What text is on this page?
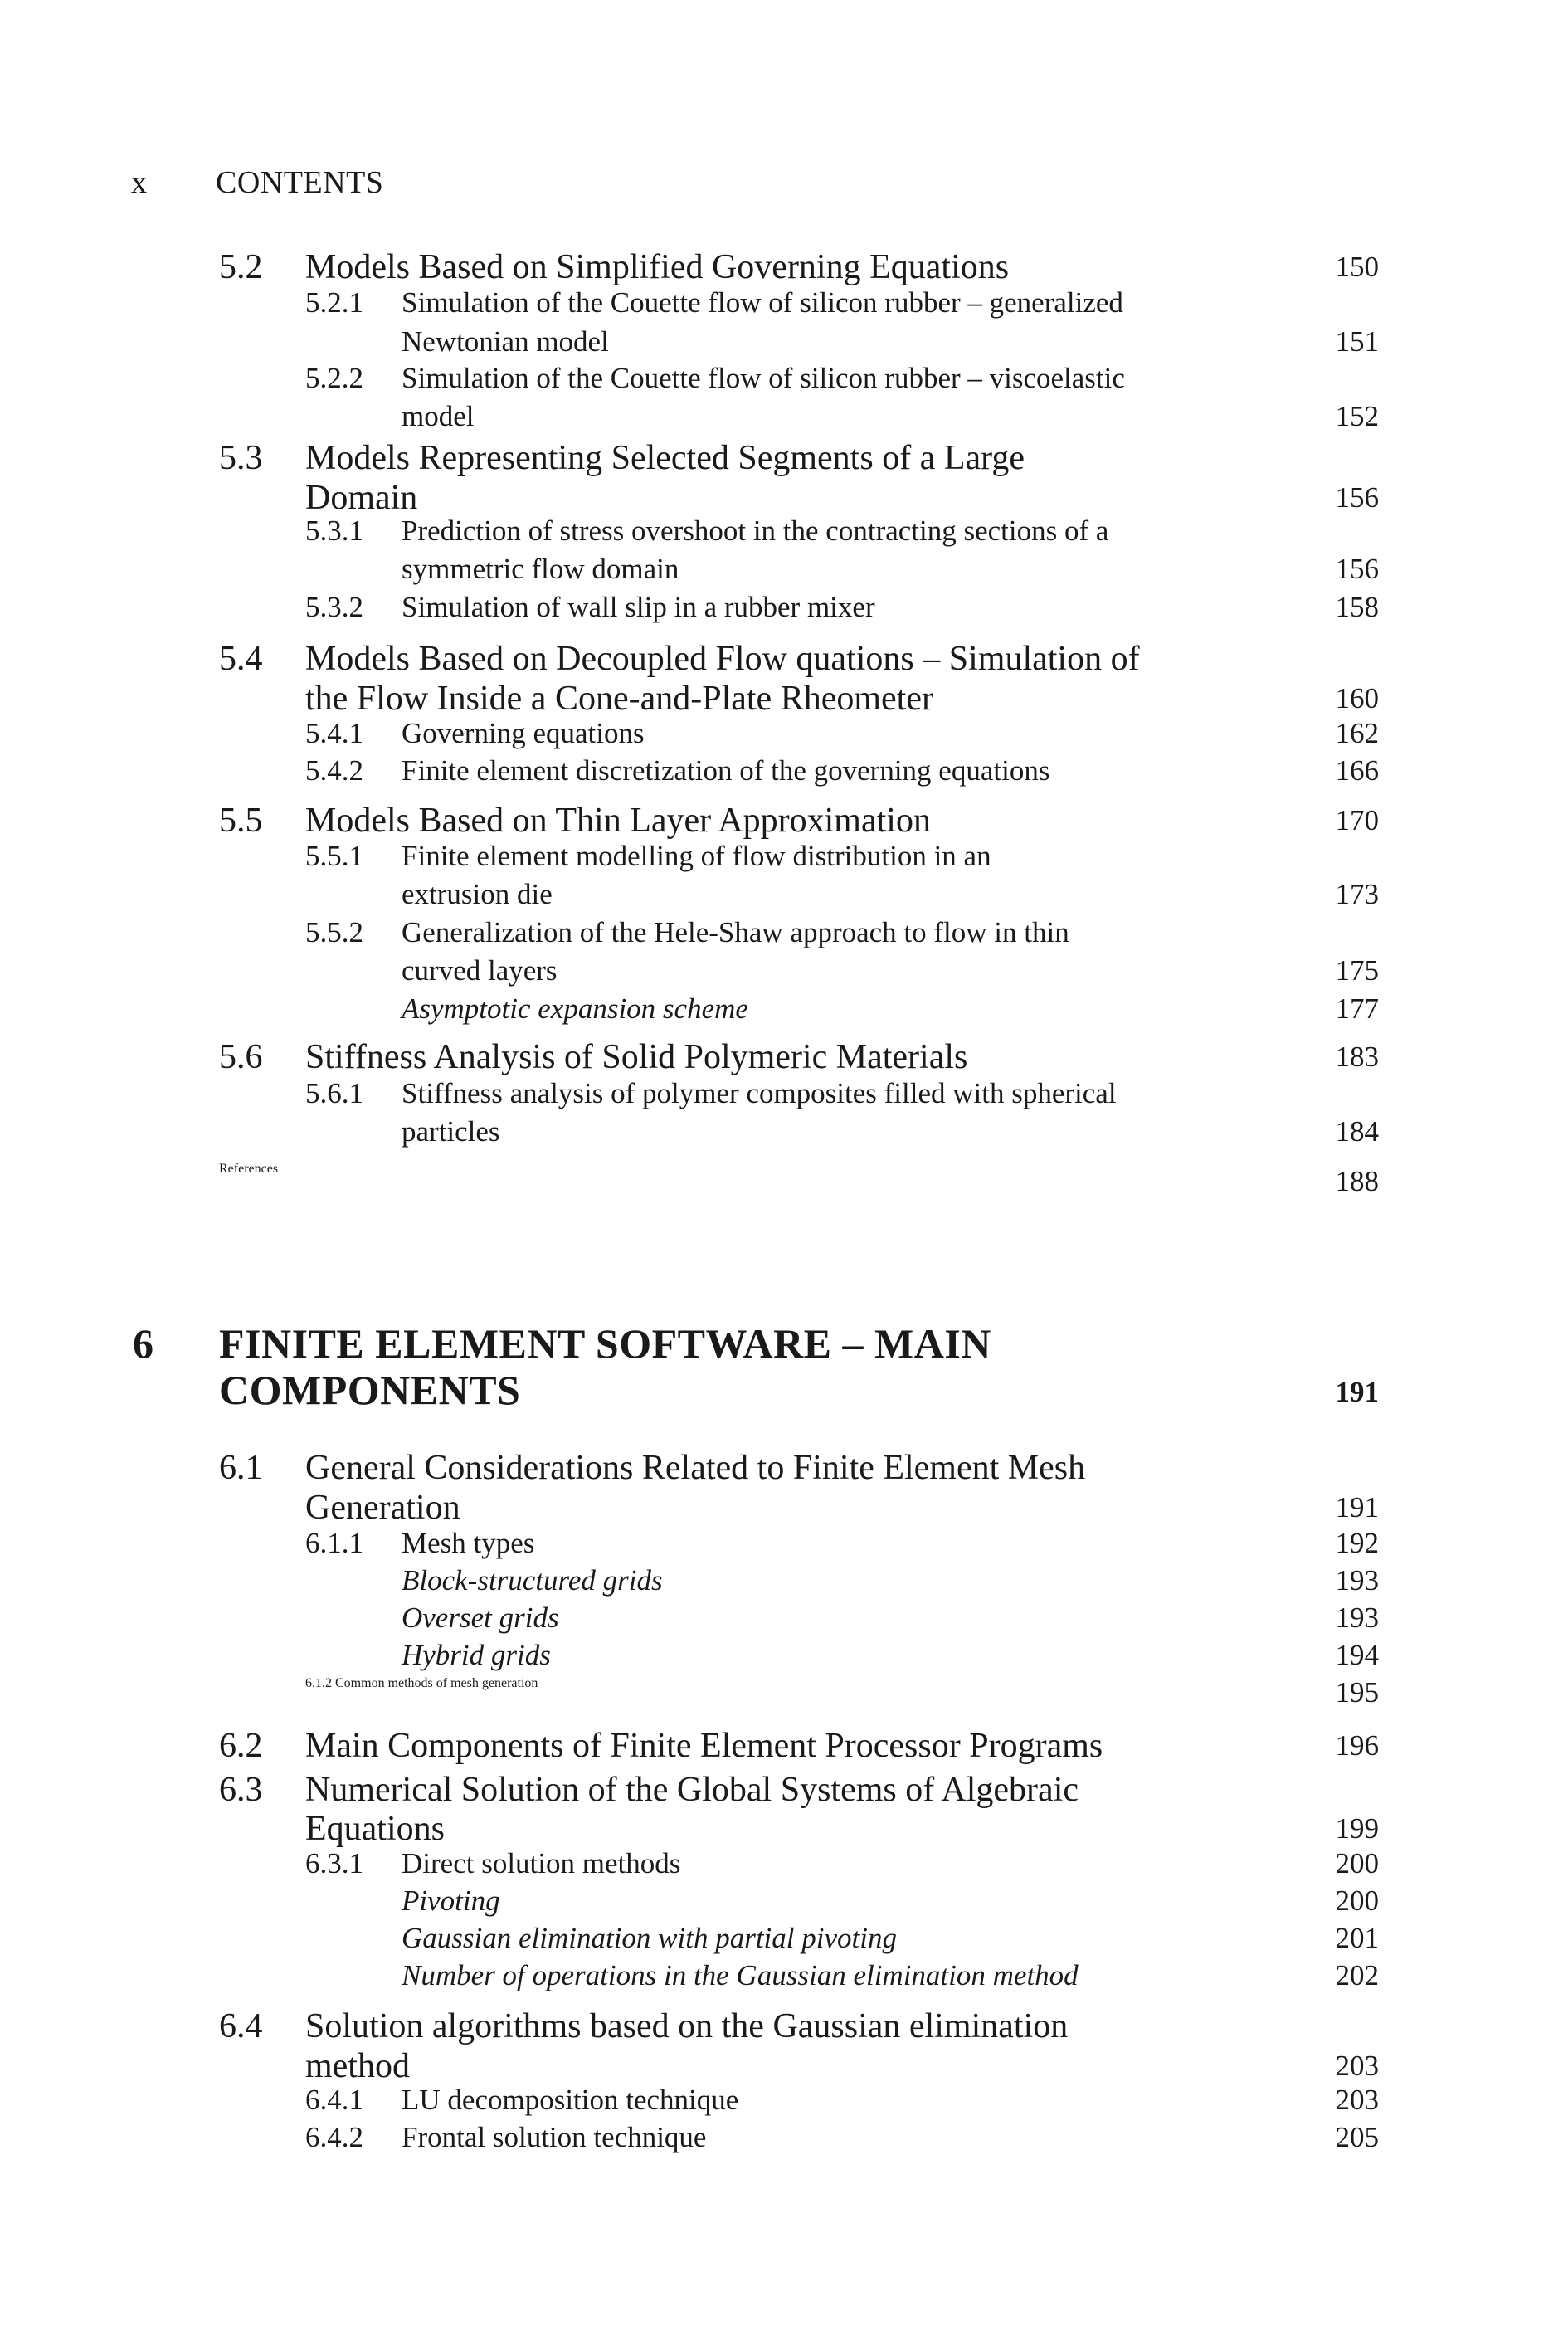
x CONTENTS
5.2 Models Based on Simplified Governing Equations	150
5.2.1 Simulation of the Couette flow of silicon rubber – generalized
Newtonian model	151
5.2.2 Simulation of the Couette flow of silicon rubber – viscoelastic
model	152
5.3 Models Representing Selected Segments of a Large
Domain	156
5.3.1 Prediction of stress overshoot in the contracting sections of a
symmetric flow domain	156
5.3.2 Simulation of wall slip in a rubber mixer	158
5.4 Models Based on Decoupled Flow quations – Simulation of
the Flow Inside a Cone-and-Plate Rheometer	160
5.4.1 Governing equations	162
5.4.2 Finite element discretization of the governing equations	166
5.5 Models Based on Thin Layer Approximation	170
5.5.1 Finite element modelling of flow distribution in an
extrusion die	173
5.5.2 Generalization of the Hele-Shaw approach to flow in thin
curved layers	175
Asymptotic expansion scheme	177
5.6 Stiffness Analysis of Solid Polymeric Materials	183
5.6.1 Stiffness analysis of polymer composites filled with spherical
particles	184
References	188
6 FINITE ELEMENT SOFTWARE – MAIN
COMPONENTS	191
6.1 General Considerations Related to Finite Element Mesh
Generation	191
6.1.1 Mesh types	192
Block-structured grids	193
Overset grids	193
Hybrid grids	194
6.1.2 Common methods of mesh generation	195
6.2 Main Components of Finite Element Processor Programs	196
6.3 Numerical Solution of the Global Systems of Algebraic
Equations	199
6.3.1 Direct solution methods	200
Pivoting	200
Gaussian elimination with partial pivoting	201
Number of operations in the Gaussian elimination method	202
6.4 Solution algorithms based on the Gaussian elimination
method	203
6.4.1 LU decomposition technique	203
6.4.2 Frontal solution technique	205
